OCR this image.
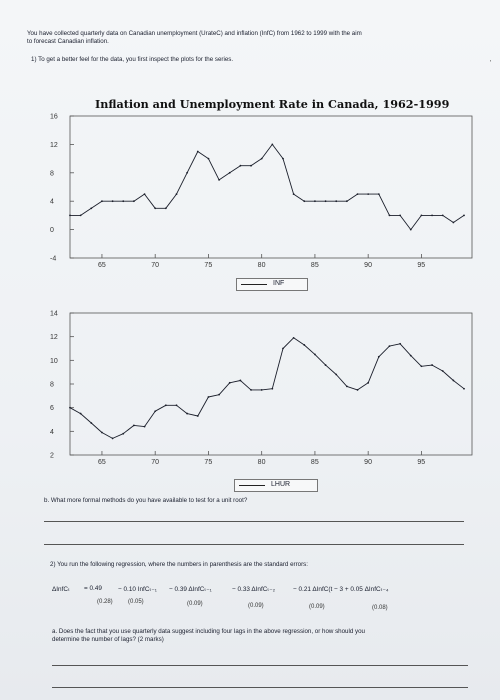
You have collected quarterly data on Canadian unemployment (UrateC) and inflation (InfC) from 1962 to 1999 with the aim
to forecast Canadian inflation.
1) To get a better feel for the data, you first inspect the plots for the series.
'
Inflation and Unemployment Rate in Canada, 1962-1999
16
12
8
4
0
-4
65	70	75	80	85	90	95
INF
14
12
10
8
6
4
2
65	70	75	80	85	90	95
LHUR
b. What more formal methods do you have available to test for a unit root?
2) You run the following regression, where the numbers in parenthesis are the standard errors:
ΔInfCₜ = 0.49	− 0.10 InfCₜ₋₁ − 0.39 ΔInfCₜ₋₁	− 0.33 ΔInfCₜ₋₂	− 0.21 ΔInfC(t − 3 + 0.05 ΔInfCₜ₋₄
(0.28)	(0.05)	(0.09)	(0.09)	(0.09)	(0.08)
a. Does the fact that you use quarterly data suggest including four lags in the above regression, or how should you
determine the number of lags? (2 marks)
